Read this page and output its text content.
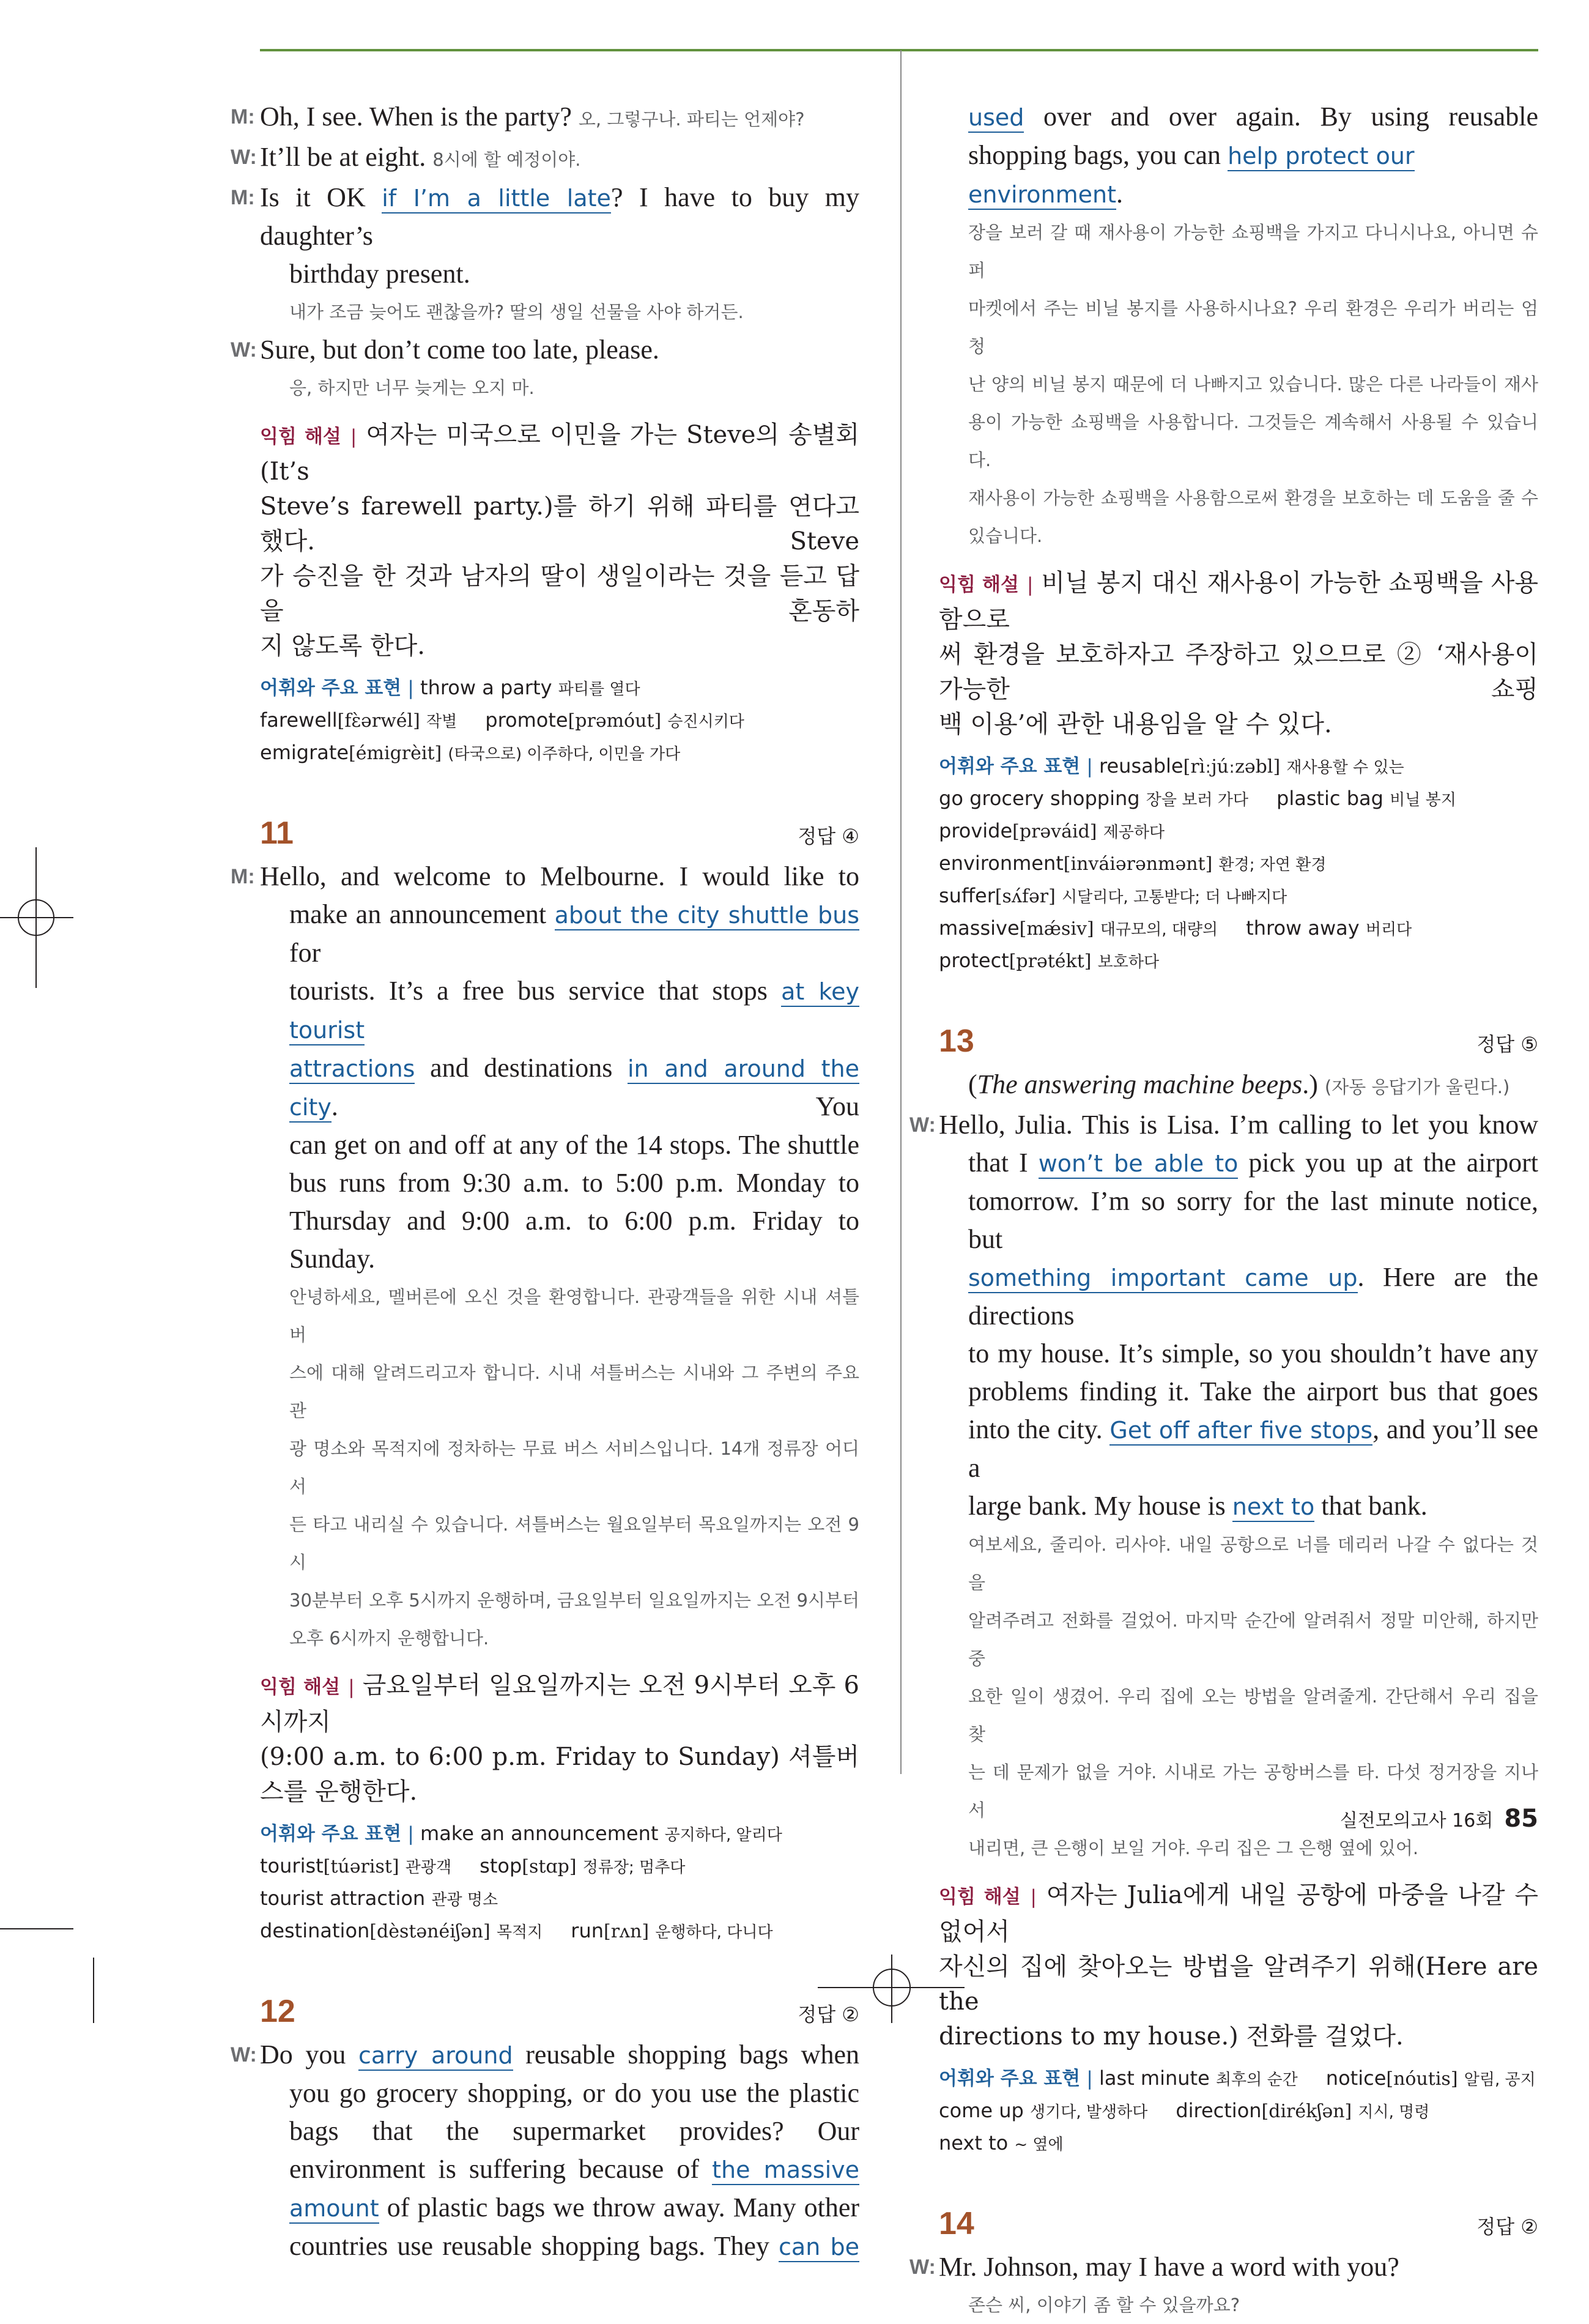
M: Oh, I see. When is the party? 오, 그렇구나. 파티는 언제야?
W: It’ll be at eight. 8시에 할 예정이야.
M: Is it OK if I’m a little late? I have to buy my daughter’s
birthday present.
내가 조금 늦어도 괜찮을까? 딸의 생일 선물을 사야 하거든.
W: Sure, but don’t come too late, please.
응, 하지만 너무 늦게는 오지 마.
익힘 해설 | 여자는 미국으로 이민을 가는 Steve의 송별회(It’s
Steve’s farewell party.)를 하기 위해 파티를 연다고 했다. Steve
가 승진을 한 것과 남자의 딸이 생일이라는 것을 듣고 답을 혼동하
지 않도록 한다.
어휘와 주요 표현 | throw a party 파티를 열다
farewell[fɛ̀ərwél] 작별 promote[prəmóut] 승진시키다
emigrate[émigrèit] (타국으로) 이주하다, 이민을 가다
11	정답 ④
M: Hello, and welcome to Melbourne. I would like to
make an announcement about the city shuttle bus for
tourists. It’s a free bus service that stops at key tourist
attractions and destinations in and around the city. You
can get on and off at any of the 14 stops. The shuttle
bus runs from 9:30 a.m. to 5:00 p.m. Monday to
Thursday and 9:00 a.m. to 6:00 p.m. Friday to
Sunday.
안녕하세요, 멜버른에 오신 것을 환영합니다. 관광객들을 위한 시내 셔틀버
스에 대해 알려드리고자 합니다. 시내 셔틀버스는 시내와 그 주변의 주요 관
광 명소와 목적지에 정차하는 무료 버스 서비스입니다. 14개 정류장 어디서
든 타고 내리실 수 있습니다. 셔틀버스는 월요일부터 목요일까지는 오전 9시
30분부터 오후 5시까지 운행하며, 금요일부터 일요일까지는 오전 9시부터
오후 6시까지 운행합니다.
익힘 해설 | 금요일부터 일요일까지는 오전 9시부터 오후 6시까지
(9:00 a.m. to 6:00 p.m. Friday to Sunday) 셔틀버스를 운행한다.
어휘와 주요 표현 | make an announcement 공지하다, 알리다
tourist[túərist] 관광객 stop[stɑp] 정류장; 멈추다
tourist attraction 관광 명소
destination[dèstənéiʃən] 목적지 run[rʌn] 운행하다, 다니다
12	정답 ②
W: Do you carry around reusable shopping bags when
you go grocery shopping, or do you use the plastic
bags that the supermarket provides? Our
environment is suffering because of the massive
amount of plastic bags we throw away. Many other
countries use reusable shopping bags. They can be
used over and over again. By using reusable
shopping bags, you can help protect our environment.
장을 보러 갈 때 재사용이 가능한 쇼핑백을 가지고 다니시나요, 아니면 슈퍼
마켓에서 주는 비닐 봉지를 사용하시나요? 우리 환경은 우리가 버리는 엄청
난 양의 비닐 봉지 때문에 더 나빠지고 있습니다. 많은 다른 나라들이 재사
용이 가능한 쇼핑백을 사용합니다. 그것들은 계속해서 사용될 수 있습니다.
재사용이 가능한 쇼핑백을 사용함으로써 환경을 보호하는 데 도움을 줄 수
있습니다.
익힘 해설 | 비닐 봉지 대신 재사용이 가능한 쇼핑백을 사용함으로
써 환경을 보호하자고 주장하고 있으므로 ② ‘재사용이 가능한 쇼핑
백 이용’에 관한 내용임을 알 수 있다.
어휘와 주요 표현 | reusable[rìːjúːzəbl] 재사용할 수 있는
go grocery shopping 장을 보러 가다 plastic bag 비닐 봉지
provide[prəváid] 제공하다
environment[inváiərənmənt] 환경; 자연 환경
suffer[sʌ́fər] 시달리다, 고통받다; 더 나빠지다
massive[mǽsiv] 대규모의, 대량의 throw away 버리다
protect[prətékt] 보호하다
13	정답 ⑤
(The answering machine beeps.) (자동 응답기가 울린다.)
W: Hello, Julia. This is Lisa. I’m calling to let you know
that I won’t be able to pick you up at the airport
tomorrow. I’m so sorry for the last minute notice, but
something important came up. Here are the directions
to my house. It’s simple, so you shouldn’t have any
problems finding it. Take the airport bus that goes
into the city. Get off after five stops, and you’ll see a
large bank. My house is next to that bank.
여보세요, 줄리아. 리사야. 내일 공항으로 너를 데리러 나갈 수 없다는 것을
알려주려고 전화를 걸었어. 마지막 순간에 알려줘서 정말 미안해, 하지만 중
요한 일이 생겼어. 우리 집에 오는 방법을 알려줄게. 간단해서 우리 집을 찾
는 데 문제가 없을 거야. 시내로 가는 공항버스를 타. 다섯 정거장을 지나서
내리면, 큰 은행이 보일 거야. 우리 집은 그 은행 옆에 있어.
익힘 해설 | 여자는 Julia에게 내일 공항에 마중을 나갈 수 없어서
자신의 집에 찾아오는 방법을 알려주기 위해(Here are the
directions to my house.) 전화를 걸었다.
어휘와 주요 표현 | last minute 최후의 순간 notice[nóutis] 알림, 공지
come up 생기다, 발생하다 direction[dirékʃən] 지시, 명령
next to ~ 옆에
14	정답 ②
W: Mr. Johnson, may I have a word with you?
존슨 씨, 이야기 좀 할 수 있을까요?
실전모의고사 16회 85
